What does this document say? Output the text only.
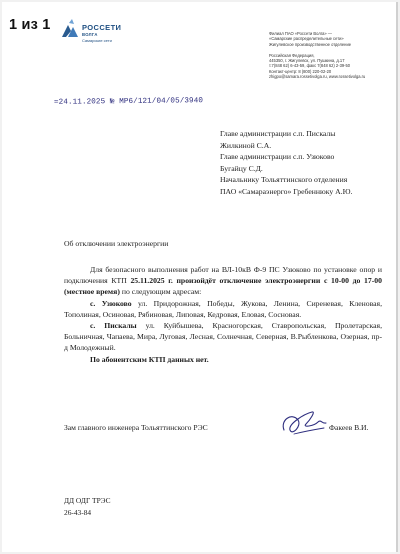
1 из 1	РОССЕТИ
ВОЛГА
Самарские сети
Филиал ПАО «Россети Волга» —
«Самарские распределительные сети»
Жигулевское производственное отделение
Российская Федерация,
445350, г. Жигулевск, ул. Пушкина, д.17
т.7(848 62) 6-43-59, факс 7(848 62) 2-39-50
Контакт-центр: 8 (800) 220-02-20
zhigpo@samara.rossetivolga.ru, www.rossetivolga.ru
=24.11.2025 № МР6/121/04/05/3940
Главе администрации с.п. Пискалы
Жилкиной С.А.
Главе администрации с.п. Узюково
Бугайцу С.Д.
Начальнику Тольяттинского отделения
ПАО «Самараэнерго» Гребеннюку А.Ю.
Об отключении электроэнергии

Для безопасного выполнения работ на ВЛ-10кВ Ф-9 ПС Узюково по установке опор и подключения КТП 25.11.2025 г. произойдёт отключение электроэнергии с 10-00 до 17-00 (местное время) по следующим адресам:

с. Узюково ул. Придорожная, Победы, Жукова, Ленина, Сиреневая, Кленовая, Тополиная, Осиновая, Рябиновая, Липовая, Кедровая, Еловая, Сосновая.

с. Пискалы ул. Куйбышева, Красногорская, Ставропольская, Пролетарская, Больничная, Чапаева, Мира, Луговая, Лесная, Солнечная, Северная, В.Рыбленкова, Озерная, пр-д Молодежный.

По абонентским КТП данных нет.

Зам главного инженера Тольяттинского РЭС	Факеев В.И.
ДД ОДГ ТРЭС
26-43-84
